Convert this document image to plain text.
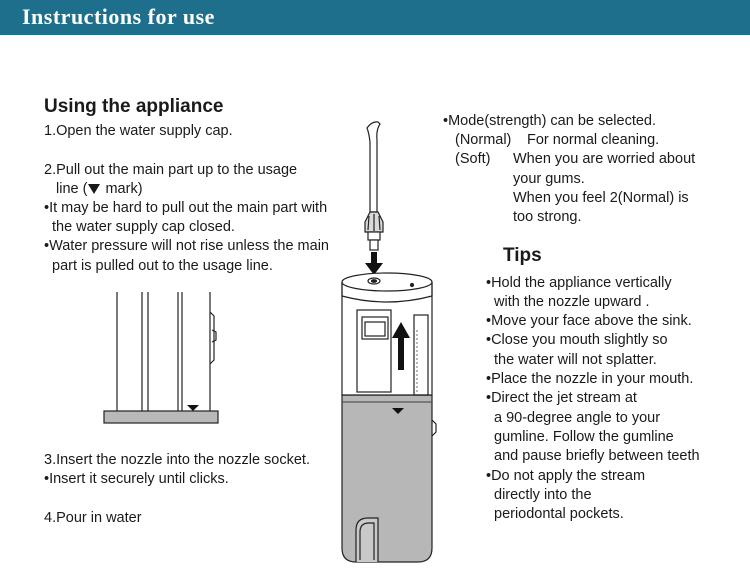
Instructions for use
Using the appliance
1.Open the water supply cap.
2.Pull out the main part up to the usage
line ( mark)
•It may be hard to pull out the main part with
the water supply cap closed.
•Water pressure will not rise unless the main
part is pulled out to the usage line.
3.Insert the nozzle into the nozzle socket.
•Insert it securely until clicks.
4.Pour in water
•Mode(strength) can be selected.
(Normal) For normal cleaning.
(Soft) When you are worried about
your gums.
When you feel 2(Normal) is
too strong.
Tips
•Hold the appliance vertically
with the nozzle upward .
•Move your face above the sink.
•Close you mouth slightly so
the water will not splatter.
•Place the nozzle in your mouth.
•Direct the jet stream at
a 90-degree angle to your
gumline. Follow the gumline
and pause briefly between teeth
•Do not apply the stream
directly into the
periodontal pockets.
